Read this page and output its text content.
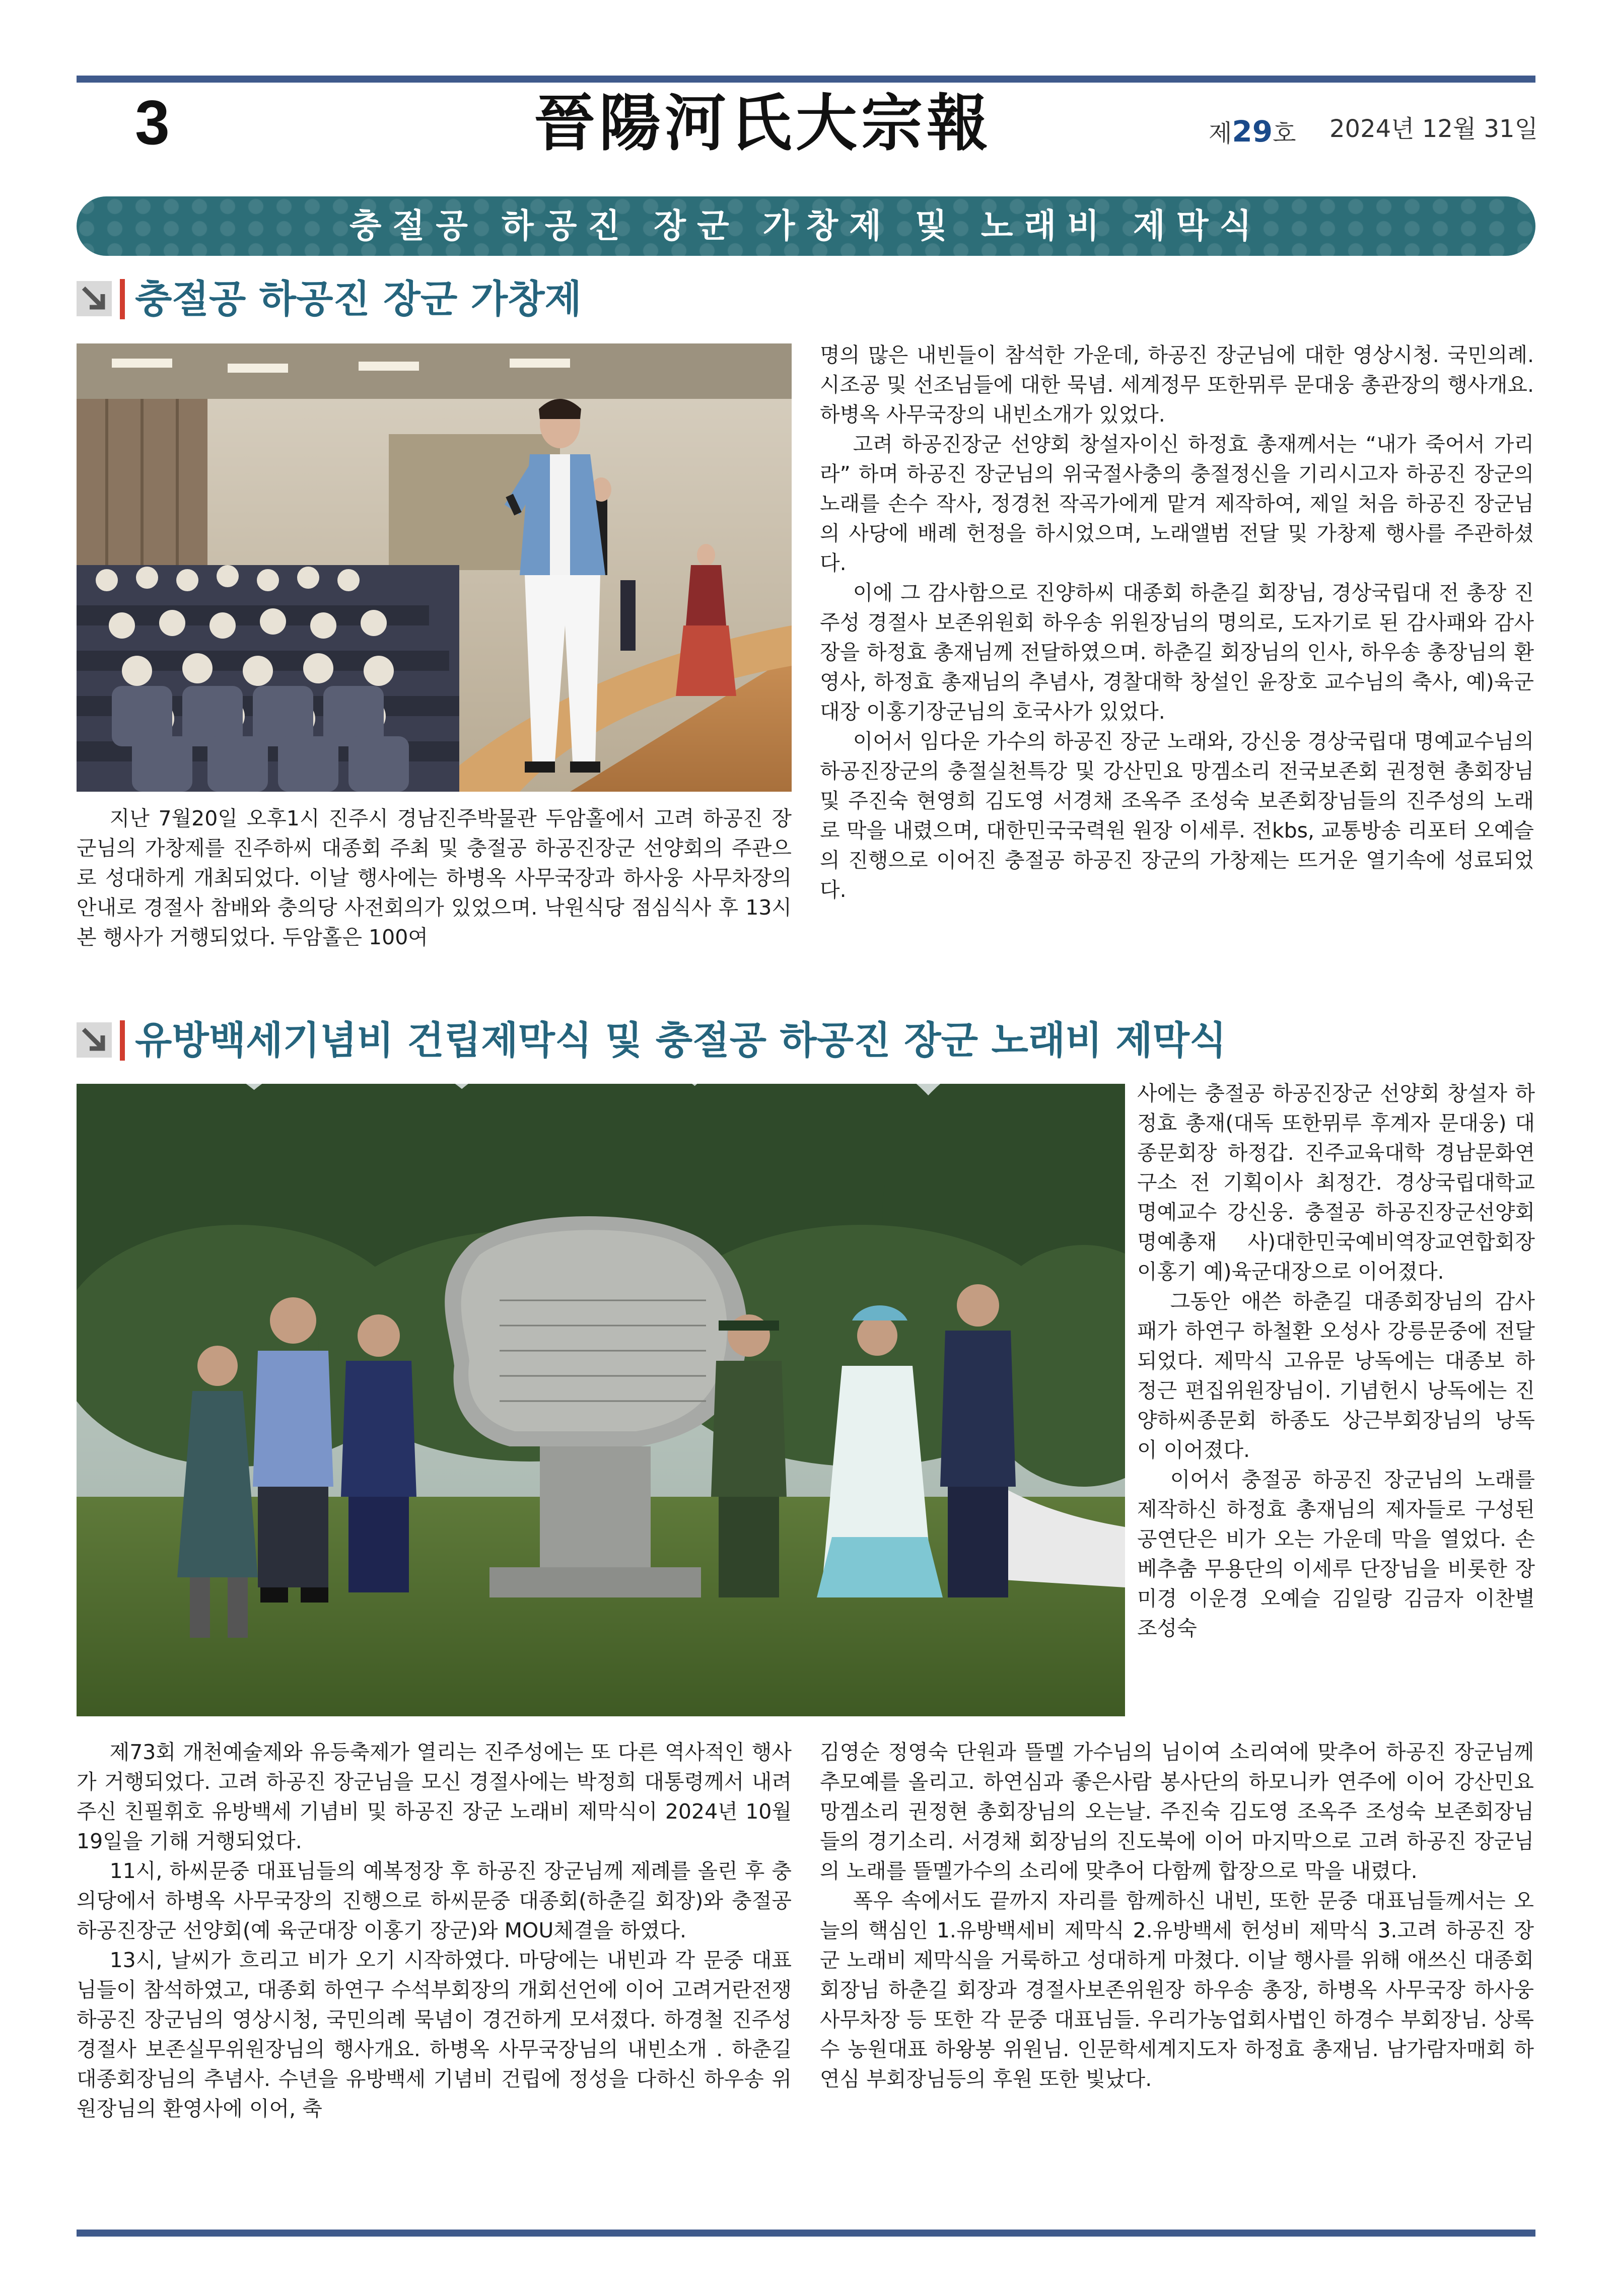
3	晉陽河氏大宗報	제29호 2024년 12월 31일
충절공 하공진 장군 가창제 및 노래비 제막식
충절공 하공진 장군 가창제

지난 7월20일 오후1시 진주시 경남진주박물관 두암홀에서 고려 하공진 장군님의 가창제를 진주하씨 대종회 주최 및 충절공 하공진장군 선양회의 주관으로 성대하게 개최되었다. 이날 행사에는 하병옥 사무국장과 하사웅 사무차장의 안내로 경절사 참배와 충의당 사전회의가 있었으며. 낙원식당 점심식사 후 13시 본 행사가 거행되었다. 두암홀은 100여

명의 많은 내빈들이 참석한 가운데, 하공진 장군님에 대한 영상시청. 국민의례. 시조공 및 선조님들에 대한 묵념. 세계정무 또한뮈루 문대웅 총관장의 행사개요. 하병옥 사무국장의 내빈소개가 있었다.

고려 하공진장군 선양회 창설자이신 하정효 총재께서는 “내가 죽어서 가리라” 하며 하공진 장군님의 위국절사충의 충절정신을 기리시고자 하공진 장군의 노래를 손수 작사, 정경천 작곡가에게 맡겨 제작하여, 제일 처음 하공진 장군님의 사당에 배례 헌정을 하시었으며, 노래앨범 전달 및 가창제 행사를 주관하셨다.

이에 그 감사함으로 진양하씨 대종회 하춘길 회장님, 경상국립대 전 총장 진주성 경절사 보존위원회 하우송 위원장님의 명의로, 도자기로 된 감사패와 감사장을 하정효 총재님께 전달하였으며. 하춘길 회장님의 인사, 하우송 총장님의 환영사, 하정효 총재님의 추념사, 경찰대학 창설인 윤장호 교수님의 축사, 예)육군대장 이홍기장군님의 호국사가 있었다.

이어서 임다운 가수의 하공진 장군 노래와, 강신웅 경상국립대 명예교수님의 하공진장군의 충절실천특강 및 강산민요 망겜소리 전국보존회 권정현 총회장님 및 주진숙 현영희 김도영 서경채 조옥주 조성숙 보존회장님들의 진주성의 노래로 막을 내렸으며, 대한민국국력원 원장 이세루. 전kbs, 교통방송 리포터 오예슬의 진행으로 이어진 충절공 하공진 장군의 가창제는 뜨거운 열기속에 성료되었다.

유방백세기념비 건립제막식 및 충절공 하공진 장군 노래비 제막식

사에는 충절공 하공진장군 선양회 창설자 하정효 총재(대독 또한뮈루 후계자 문대웅) 대종문회장 하정갑. 진주교육대학 경남문화연구소 전 기획이사 최정간. 경상국립대학교 명예교수 강신웅. 충절공 하공진장군선양회 명예총재 사)대한민국예비역장교연합회장 이홍기 예)육군대장으로 이어졌다.

그동안 애쓴 하춘길 대종회장님의 감사패가 하연구 하철환 오성사 강릉문중에 전달되었다. 제막식 고유문 낭독에는 대종보 하정근 편집위원장님이. 기념헌시 낭독에는 진양하씨종문회 하종도 상근부회장님의 낭독이 이어졌다.

이어서 충절공 하공진 장군님의 노래를 제작하신 하정효 총재님의 제자들로 구성된 공연단은 비가 오는 가운데 막을 열었다. 손베추춤 무용단의 이세루 단장님을 비롯한 장미경 이운경 오예슬 김일랑 김금자 이찬별 조성숙

제73회 개천예술제와 유등축제가 열리는 진주성에는 또 다른 역사적인 행사가 거행되었다. 고려 하공진 장군님을 모신 경절사에는 박정희 대통령께서 내려주신 친필휘호 유방백세 기념비 및 하공진 장군 노래비 제막식이 2024년 10월19일을 기해 거행되었다.

11시, 하씨문중 대표님들의 예복정장 후 하공진 장군님께 제례를 올린 후 충의당에서 하병옥 사무국장의 진행으로 하씨문중 대종회(하춘길 회장)와 충절공 하공진장군 선양회(예 육군대장 이홍기 장군)와 MOU체결을 하였다.

13시, 날씨가 흐리고 비가 오기 시작하였다. 마당에는 내빈과 각 문중 대표님들이 참석하였고, 대종회 하연구 수석부회장의 개회선언에 이어 고려거란전쟁 하공진 장군님의 영상시청, 국민의례 묵념이 경건하게 모셔졌다. 하경철 진주성 경절사 보존실무위원장님의 행사개요. 하병옥 사무국장님의 내빈소개 . 하춘길 대종회장님의 추념사. 수년을 유방백세 기념비 건립에 정성을 다하신 하우송 위원장님의 환영사에 이어, 축

김영순 정영숙 단원과 뜰멜 가수님의 님이여 소리여에 맞추어 하공진 장군님께 추모예를 올리고. 하연심과 좋은사람 봉사단의 하모니카 연주에 이어 강산민요 망겜소리 권정현 총회장님의 오는날. 주진숙 김도영 조옥주 조성숙 보존회장님들의 경기소리. 서경채 회장님의 진도북에 이어 마지막으로 고려 하공진 장군님의 노래를 뜰멜가수의 소리에 맞추어 다함께 합장으로 막을 내렸다.

폭우 속에서도 끝까지 자리를 함께하신 내빈, 또한 문중 대표님들께서는 오늘의 핵심인 1.유방백세비 제막식 2.유방백세 헌성비 제막식 3.고려 하공진 장군 노래비 제막식을 거룩하고 성대하게 마쳤다. 이날 행사를 위해 애쓰신 대종회 회장님 하춘길 회장과 경절사보존위원장 하우송 총장, 하병옥 사무국장 하사웅 사무차장 등 또한 각 문중 대표님들. 우리가농업회사법인 하경수 부회장님. 상록수 농원대표 하왕봉 위원님. 인문학세계지도자 하정효 총재님. 남가람자매회 하연심 부회장님등의 후원 또한 빛났다.
